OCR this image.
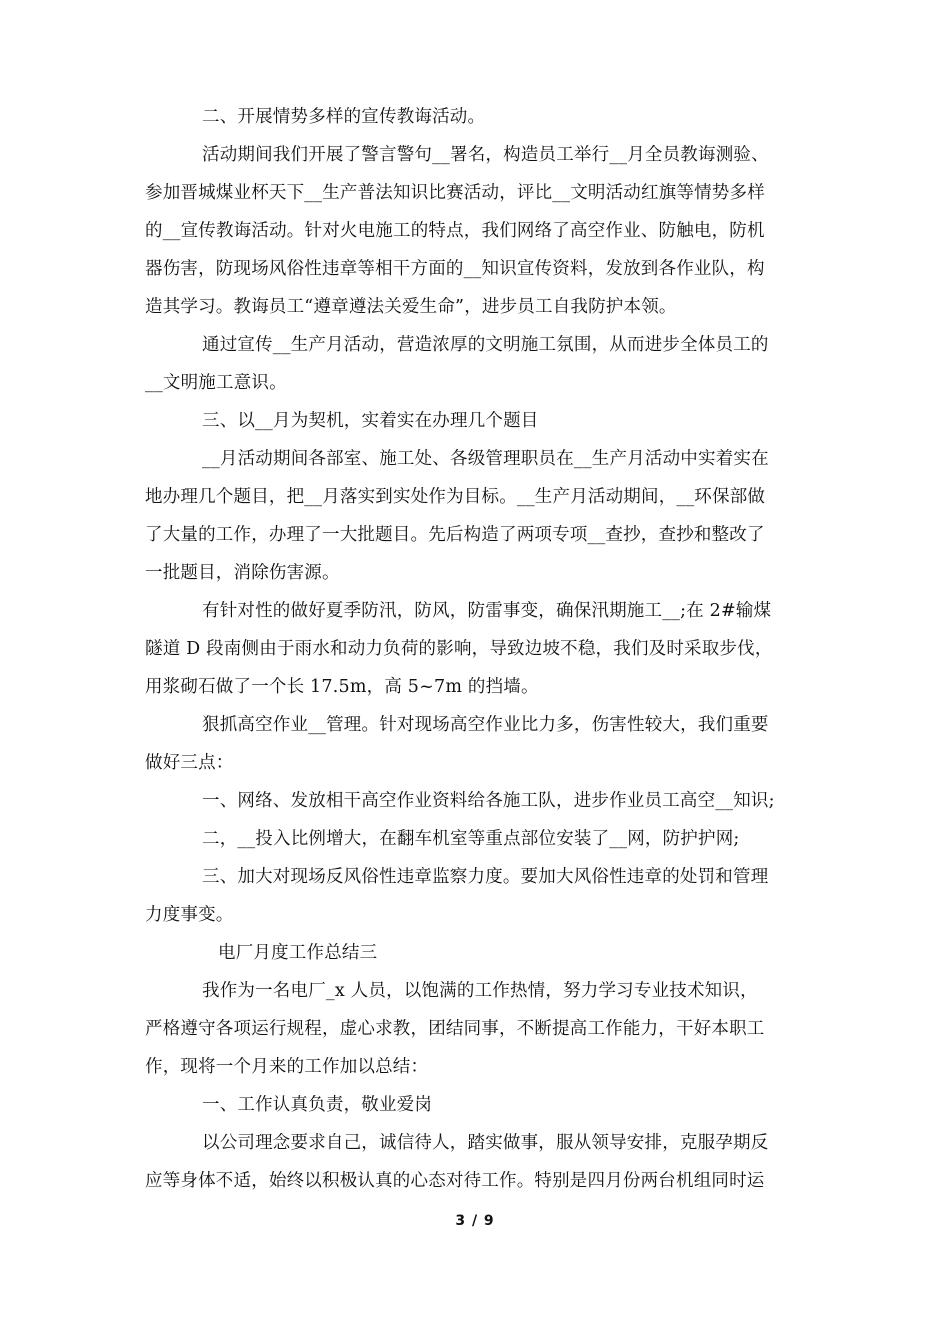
二、开展情势多样的宣传教诲活动。
活动期间我们开展了警言警句__署名，构造员工举行__月全员教诲测验、
参加晋城煤业杯天下__生产普法知识比赛活动，评比__文明活动红旗等情势多样
的__宣传教诲活动。针对火电施工的特点，我们网络了高空作业、防触电，防机
器伤害，防现场风俗性违章等相干方面的__知识宣传资料，发放到各作业队，构
造其学习。教诲员工“遵章遵法关爱生命”，进步员工自我防护本领。
通过宣传__生产月活动，营造浓厚的文明施工氛围，从而进步全体员工的
__文明施工意识。
三、以__月为契机，实着实在办理几个题目
__月活动期间各部室、施工处、各级管理职员在__生产月活动中实着实在
地办理几个题目，把__月落实到实处作为目标。__生产月活动期间，__环保部做
了大量的工作，办理了一大批题目。先后构造了两项专项__查抄，查抄和整改了
一批题目，消除伤害源。
有针对性的做好夏季防汛，防风，防雷事变，确保汛期施工__;在 2#输煤
隧道 D 段南侧由于雨水和动力负荷的影响，导致边坡不稳，我们及时采取步伐，
用浆砌石做了一个长 17.5m，高 5~7m 的挡墙。
狠抓高空作业__管理。针对现场高空作业比力多，伤害性较大，我们重要
做好三点：
一、网络、发放相干高空作业资料给各施工队，进步作业员工高空__知识;
二，__投入比例增大，在翻车机室等重点部位安装了__网，防护护网;
三、加大对现场反风俗性违章监察力度。要加大风俗性违章的处罚和管理
力度事变。
电厂月度工作总结三
我作为一名电厂_x 人员，以饱满的工作热情，努力学习专业技术知识，
严格遵守各项运行规程，虚心求教，团结同事，不断提高工作能力，干好本职工
作，现将一个月来的工作加以总结：
一、工作认真负责，敬业爱岗
以公司理念要求自己，诚信待人，踏实做事，服从领导安排，克服孕期反
应等身体不适，始终以积极认真的心态对待工作。特别是四月份两台机组同时运
3 / 9
